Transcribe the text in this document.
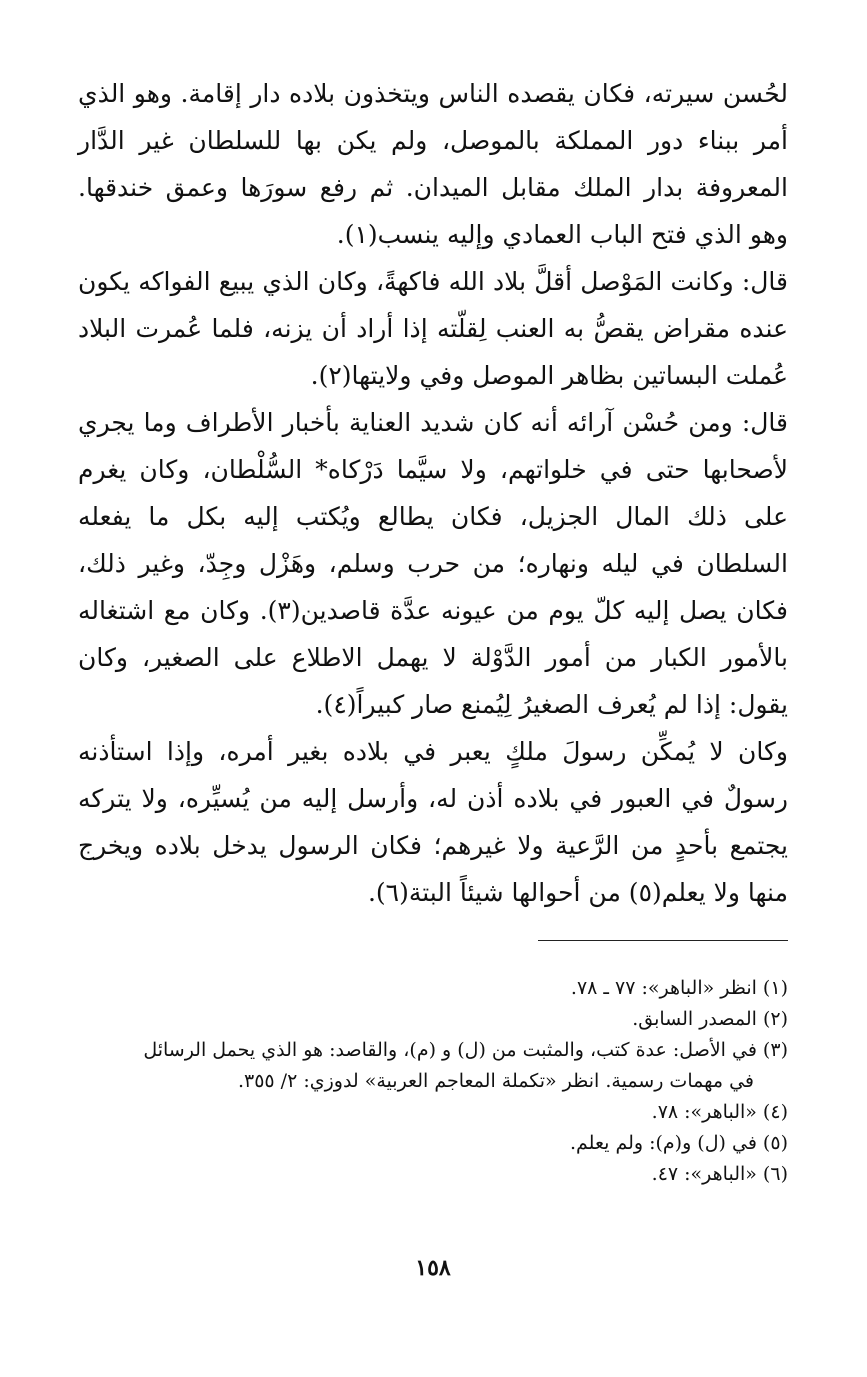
لحُسن سيرته، فكان يقصده الناس ويتخذون بلاده دار إقامة. وهو الذي أمر ببناء دور المملكة بالموصل، ولم يكن بها للسلطان غير الدَّار المعروفة بدار الملك مقابل الميدان. ثم رفع سورَها وعمق خندقها. وهو الذي فتح الباب العمادي وإليه ينسب(١).

قال: وكانت المَوْصل أقلَّ بلاد الله فاكهةً، وكان الذي يبيع الفواكه يكون عنده مقراض يقصُّ به العنب لِقلّته إذا أراد أن يزنه، فلما عُمرت البلاد عُملت البساتين بظاهر الموصل وفي ولايتها(٢).

قال: ومن حُسْن آرائه أنه كان شديد العناية بأخبار الأطراف وما يجري لأصحابها حتى في خلواتهم، ولا سيَّما دَرْكاه* السُّلْطان، وكان يغرم على ذلك المال الجزيل، فكان يطالع ويُكتب إليه بكل ما يفعله السلطان في ليله ونهاره؛ من حرب وسلم، وهَزْل وجِدّ، وغير ذلك، فكان يصل إليه كلّ يوم من عيونه عدَّة قاصدين(٣). وكان مع اشتغاله بالأمور الكبار من أمور الدَّوْلة لا يهمل الاطلاع على الصغير، وكان يقول: إذا لم يُعرف الصغيرُ لِيُمنع صار كبيراً(٤).

وكان لا يُمكِّن رسولَ ملكٍ يعبر في بلاده بغير أمره، وإذا استأذنه رسولٌ في العبور في بلاده أذن له، وأرسل إليه من يُسيِّره، ولا يتركه يجتمع بأحدٍ من الرَّعية ولا غيرهم؛ فكان الرسول يدخل بلاده ويخرج منها ولا يعلم(٥) من أحوالها شيئاً البتة(٦).

(١) انظر «الباهر»: ٧٧ ـ ٧٨.

(٢) المصدر السابق.

(٣) في الأصل: عدة كتب، والمثبت من (ل) و (م)، والقاصد: هو الذي يحمل الرسائل

في مهمات رسمية. انظر «تكملة المعاجم العربية» لدوزي: ٢/ ٣٥٥.

(٤) «الباهر»: ٧٨.

(٥) في (ل) و(م): ولم يعلم.

(٦) «الباهر»: ٤٧.

١٥٨
